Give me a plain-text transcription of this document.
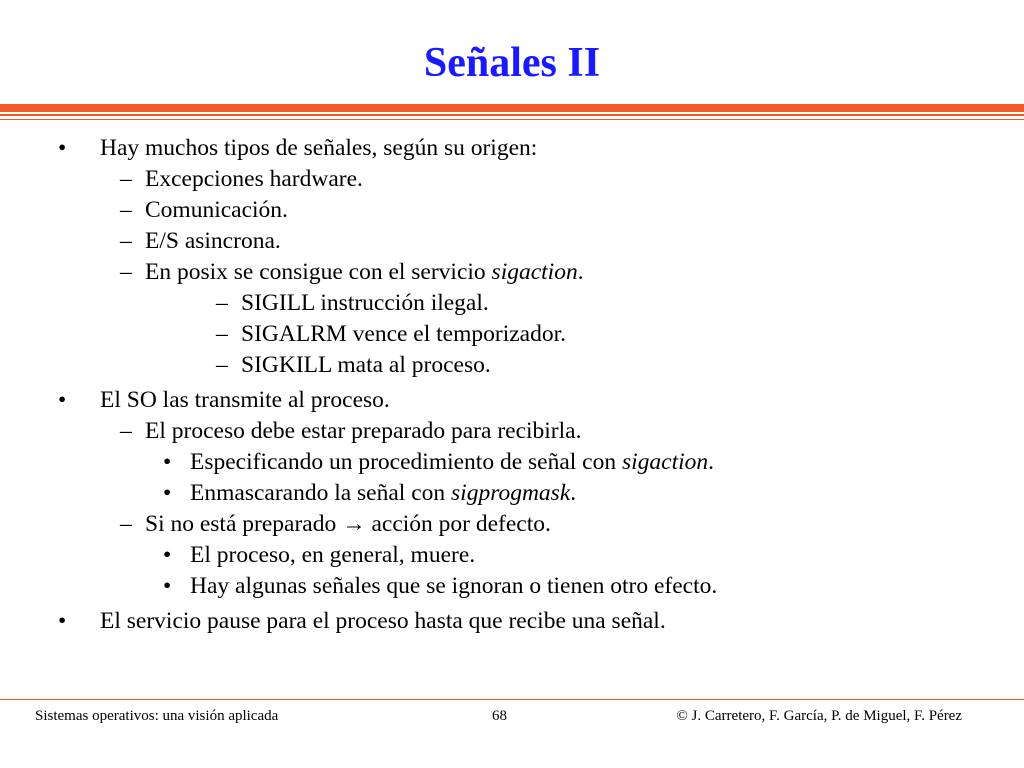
Señales II
• Hay muchos tipos de señales, según su origen:
– Excepciones hardware.
– Comunicación.
– E/S asincrona.
– En posix se consigue con el servicio sigaction.
– SIGILL instrucción ilegal.
– SIGALRM vence el temporizador.
– SIGKILL mata al proceso.
• El SO las transmite al proceso.
– El proceso debe estar preparado para recibirla.
• Especificando un procedimiento de señal con sigaction.
• Enmascarando la señal con sigprogmask.
– Si no está preparado → acción por defecto.
• El proceso, en general, muere.
• Hay algunas señales que se ignoran o tienen otro efecto.
• El servicio pause para el proceso hasta que recibe una señal.
Sistemas operativos: una visión aplicada	68	© J. Carretero, F. García, P. de Miguel, F. Pérez
